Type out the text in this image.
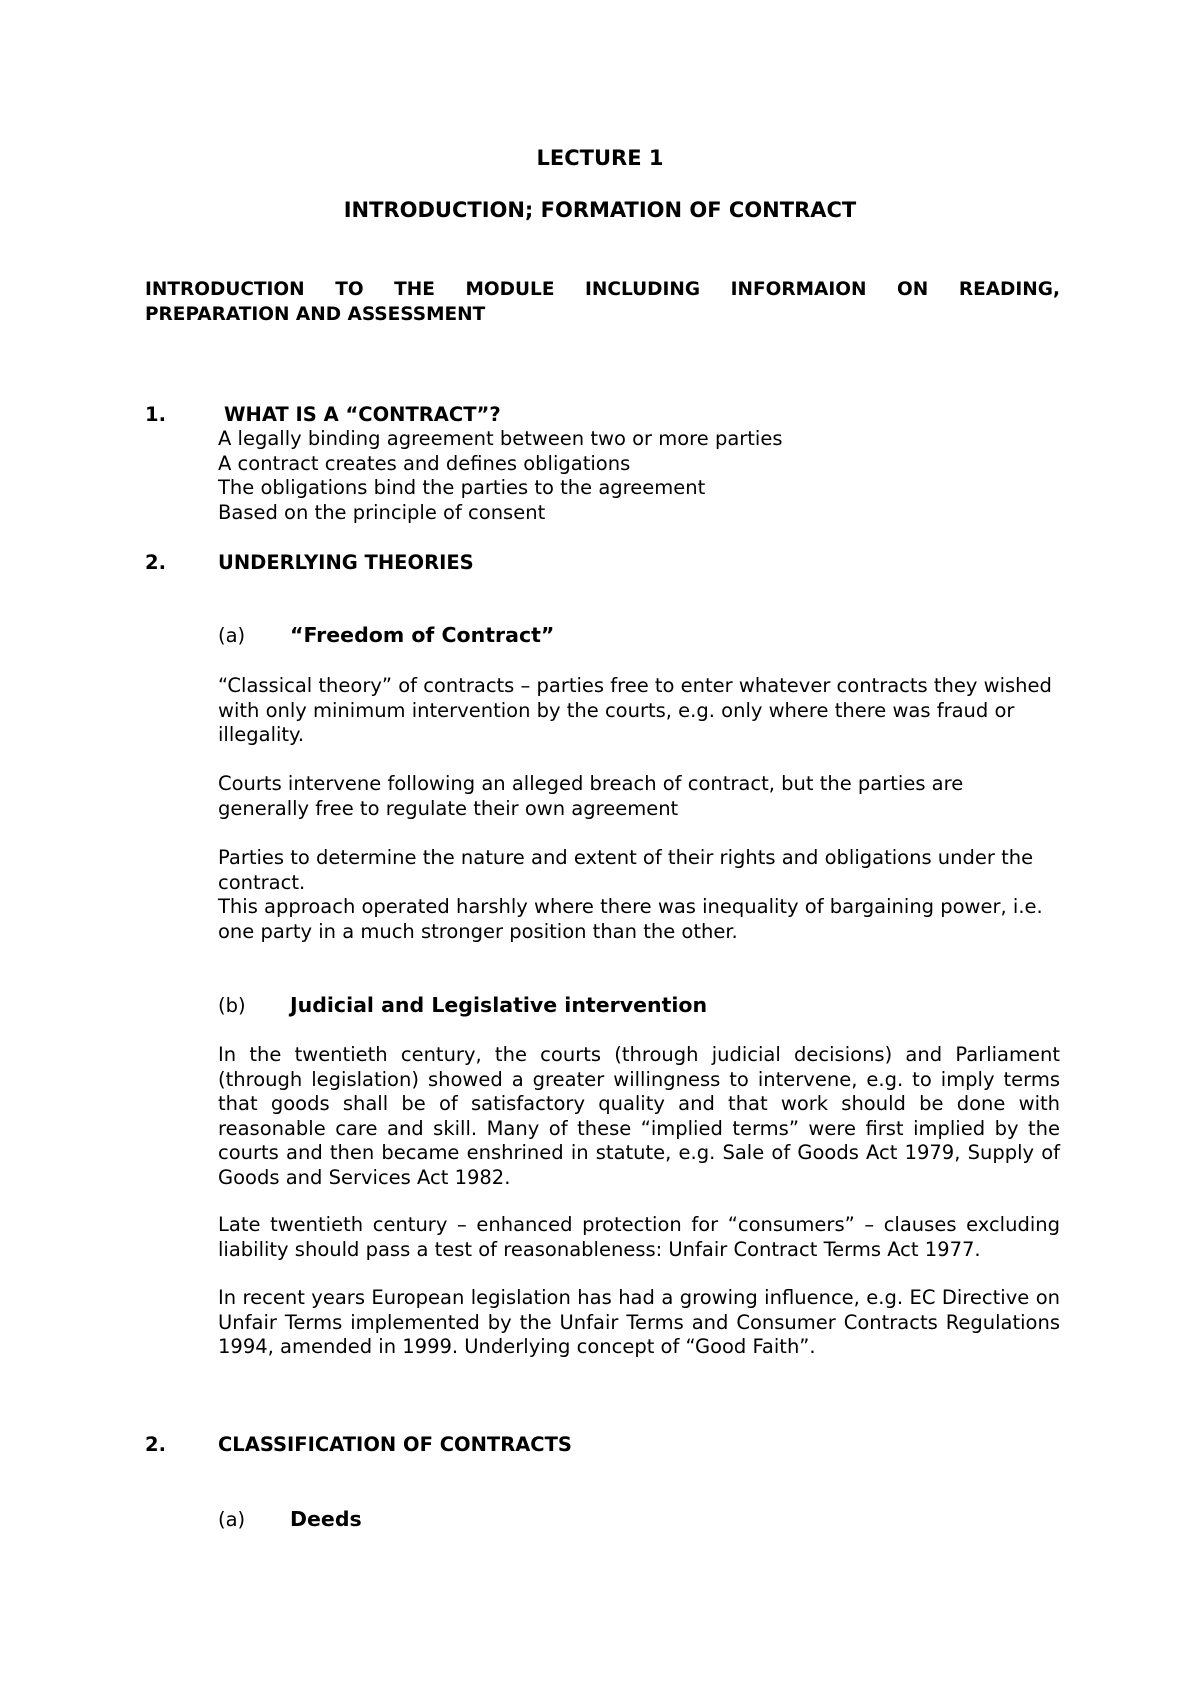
LECTURE 1
INTRODUCTION; FORMATION OF CONTRACT
INTRODUCTION TO THE MODULE INCLUDING INFORMAION ON READING,
PREPARATION AND ASSESSMENT
1.	WHAT IS A “CONTRACT”?
A legally binding agreement between two or more parties
A contract creates and defines obligations
The obligations bind the parties to the agreement
Based on the principle of consent
2.	UNDERLYING THEORIES
(a) “Freedom of Contract”
“Classical theory” of contracts – parties free to enter whatever contracts they wished with only minimum intervention by the courts, e.g. only where there was fraud or illegality.
Courts intervene following an alleged breach of contract, but the parties are generally free to regulate their own agreement
Parties to determine the nature and extent of their rights and obligations under the contract.
This approach operated harshly where there was inequality of bargaining power, i.e. one party in a much stronger position than the other.
(b) Judicial and Legislative intervention
In the twentieth century, the courts (through judicial decisions) and Parliament (through legislation) showed a greater willingness to intervene, e.g. to imply terms that goods shall be of satisfactory quality and that work should be done with reasonable care and skill. Many of these “implied terms” were first implied by the courts and then became enshrined in statute, e.g. Sale of Goods Act 1979, Supply of Goods and Services Act 1982.
Late twentieth century – enhanced protection for “consumers” – clauses excluding liability should pass a test of reasonableness: Unfair Contract Terms Act 1977.
In recent years European legislation has had a growing influence, e.g. EC Directive on Unfair Terms implemented by the Unfair Terms and Consumer Contracts Regulations 1994, amended in 1999. Underlying concept of “Good Faith”.
2.	CLASSIFICATION OF CONTRACTS
(a) Deeds
